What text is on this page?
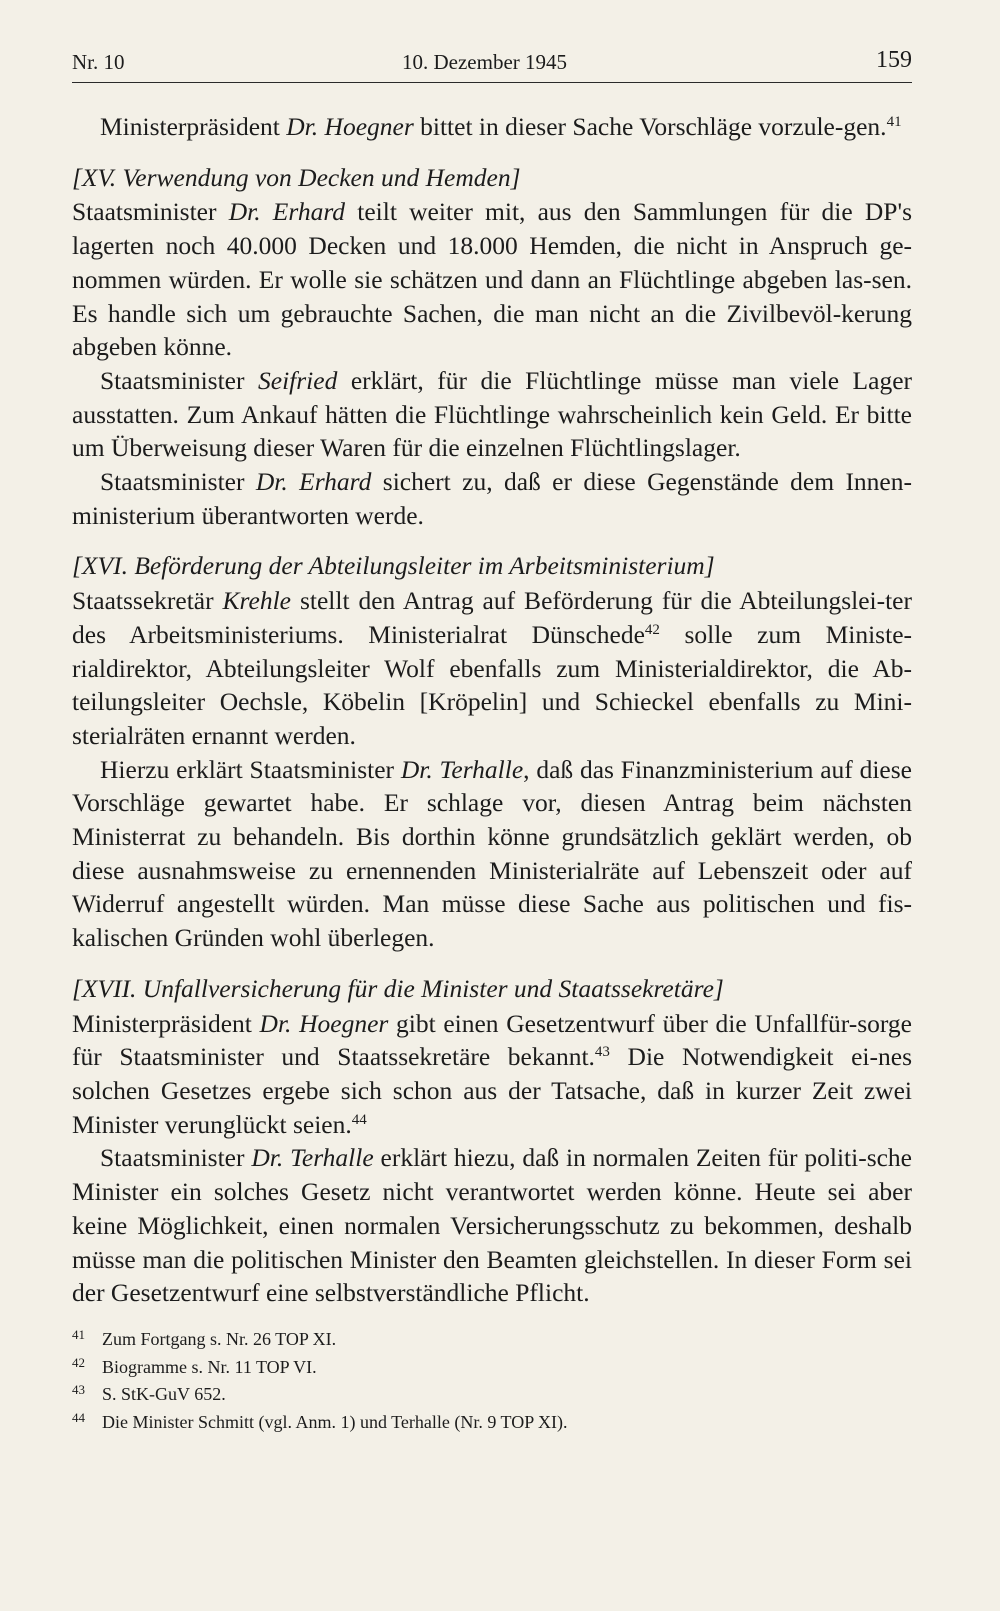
Nr. 10	10. Dezember 1945	159

Ministerpräsident Dr. Hoegner bittet in dieser Sache Vorschläge vorzule-gen.$^{41}$

[XV. Verwendung von Decken und Hemden]

Staatsminister Dr. Erhard teilt weiter mit, aus den Sammlungen für die DP's lagerten noch 40.000 Decken und 18.000 Hemden, die nicht in Anspruch ge-nommen würden. Er wolle sie schätzen und dann an Flüchtlinge abgeben las-sen. Es handle sich um gebrauchte Sachen, die man nicht an die Zivilbevöl-kerung abgeben könne.

Staatsminister Seifried erklärt, für die Flüchtlinge müsse man viele Lager ausstatten. Zum Ankauf hätten die Flüchtlinge wahrscheinlich kein Geld. Er bitte um Überweisung dieser Waren für die einzelnen Flüchtlingslager.

Staatsminister Dr. Erhard sichert zu, daß er diese Gegenstände dem Innen-ministerium überantworten werde.

[XVI. Beförderung der Abteilungsleiter im Arbeitsministerium]

Staatssekretär Krehle stellt den Antrag auf Beförderung für die Abteilungslei-ter des Arbeitsministeriums. Ministerialrat Dünschede$^{42}$ solle zum Ministe-rialdirektor, Abteilungsleiter Wolf ebenfalls zum Ministerialdirektor, die Ab-teilungsleiter Oechsle, Köbelin [Kröpelin] und Schieckel ebenfalls zu Mini-sterialräten ernannt werden.

Hierzu erklärt Staatsminister Dr. Terhalle, daß das Finanzministerium auf diese Vorschläge gewartet habe. Er schlage vor, diesen Antrag beim nächsten Ministerrat zu behandeln. Bis dorthin könne grundsätzlich geklärt werden, ob diese ausnahmsweise zu ernennenden Ministerialräte auf Lebenszeit oder auf Widerruf angestellt würden. Man müsse diese Sache aus politischen und fis-kalischen Gründen wohl überlegen.

[XVII. Unfallversicherung für die Minister und Staatssekretäre]

Ministerpräsident Dr. Hoegner gibt einen Gesetzentwurf über die Unfallfür-sorge für Staatsminister und Staatssekretäre bekannt.$^{43}$ Die Notwendigkeit ei-nes solchen Gesetzes ergebe sich schon aus der Tatsache, daß in kurzer Zeit zwei Minister verunglückt seien.$^{44}$

Staatsminister Dr. Terhalle erklärt hiezu, daß in normalen Zeiten für politi-sche Minister ein solches Gesetz nicht verantwortet werden könne. Heute sei aber keine Möglichkeit, einen normalen Versicherungsschutz zu bekommen, deshalb müsse man die politischen Minister den Beamten gleichstellen. In dieser Form sei der Gesetzentwurf eine selbstverständliche Pflicht.

41 Zum Fortgang s. Nr. 26 TOP XI.
42 Biogramme s. Nr. 11 TOP VI.
43 S. StK-GuV 652.
44 Die Minister Schmitt (vgl. Anm. 1) und Terhalle (Nr. 9 TOP XI).
